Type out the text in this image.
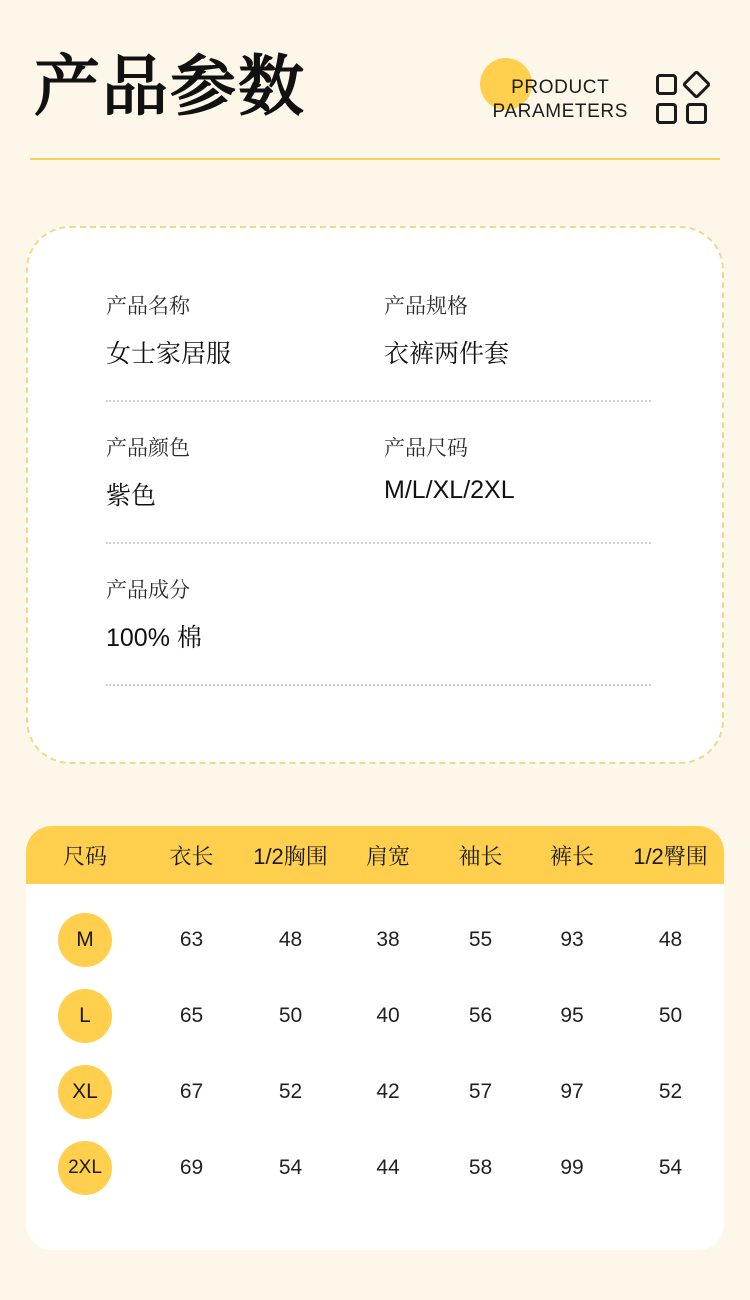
产品参数	PRODUCT
PARAMETERS
产品名称
女士家居服
产品规格
衣裤两件套
产品颜色
紫色
产品尺码
M/L/XL/2XL
产品成分
100% 棉
尺码	衣长	1/2胸围	肩宽	袖长	裤长	1/2臀围
M	63	48	38	55	93	48
L	65	50	40	56	95	50
XL	67	52	42	57	97	52
2XL	69	54	44	58	99	54
